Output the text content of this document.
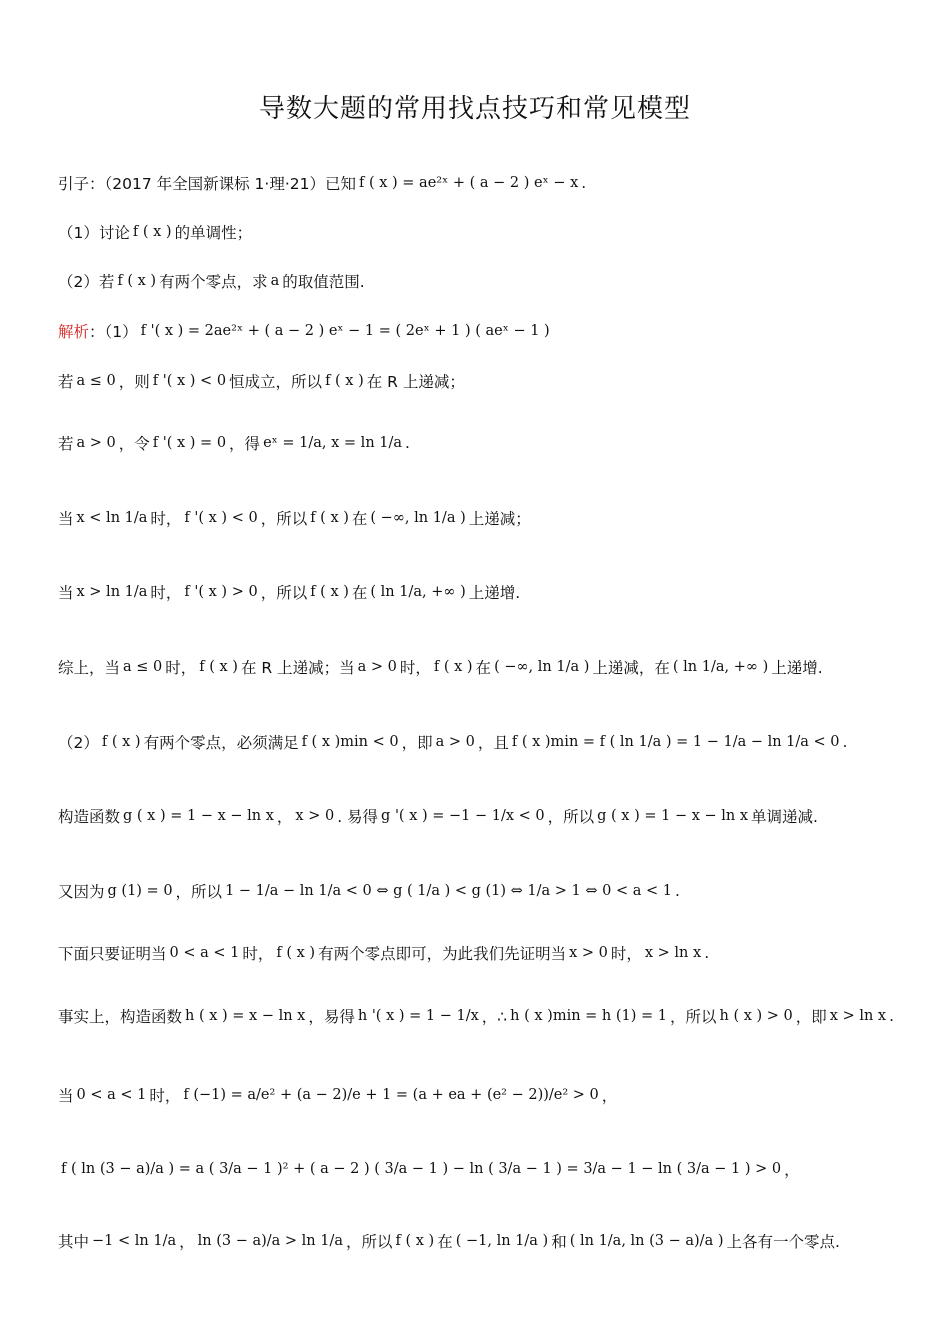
导数大题的常用找点技巧和常见模型
引子：（2017 年全国新课标 1·理·21）已知 f ( x ) = ae²ˣ + ( a − 2 ) eˣ − x .
（1）讨论 f ( x ) 的单调性；
（2）若 f ( x ) 有两个零点，求 a 的取值范围.
解析 ：（1） f '( x ) = 2ae²ˣ + ( a − 2 ) eˣ − 1 = ( 2eˣ + 1 ) ( aeˣ − 1 )
若 a ≤ 0 ，则 f '( x ) < 0 恒成立，所以 f ( x ) 在 R 上递减；
若 a > 0 ，令 f '( x ) = 0 ，得 eˣ = 1/a, x = ln 1/a .
当 x < ln 1/a 时， f '( x ) < 0 ，所以 f ( x ) 在 ( −∞, ln 1/a ) 上递减；
当 x > ln 1/a 时， f '( x ) > 0 ，所以 f ( x ) 在 ( ln 1/a, +∞ ) 上递增.
综上，当 a ≤ 0 时， f ( x ) 在 R 上递减；当 a > 0 时， f ( x ) 在 ( −∞, ln 1/a ) 上递减，在 ( ln 1/a, +∞ ) 上递增.
（2） f ( x ) 有两个零点，必须满足 f ( x )min < 0 ，即 a > 0 ，且 f ( x )min = f ( ln 1/a ) = 1 − 1/a − ln 1/a < 0 .
构造函数 g ( x ) = 1 − x − ln x ， x > 0 . 易得 g '( x ) = −1 − 1/x < 0 ，所以 g ( x ) = 1 − x − ln x 单调递减.
又因为 g (1) = 0 ，所以 1 − 1/a − ln 1/a < 0 ⇔ g ( 1/a ) < g (1) ⇔ 1/a > 1 ⇔ 0 < a < 1 .
下面只要证明当 0 < a < 1 时， f ( x ) 有两个零点即可，为此我们先证明当 x > 0 时， x > ln x .
事实上，构造函数 h ( x ) = x − ln x ，易得 h '( x ) = 1 − 1/x ，∴ h ( x )min = h (1) = 1 ，所以 h ( x ) > 0 ，即 x > ln x .
当 0 < a < 1 时， f (−1) = a/e² + (a − 2)/e + 1 = (a + ea + (e² − 2))/e² > 0 ，
f ( ln (3 − a)/a ) = a ( 3/a − 1 )² + ( a − 2 ) ( 3/a − 1 ) − ln ( 3/a − 1 ) = 3/a − 1 − ln ( 3/a − 1 ) > 0 ，
其中 −1 < ln 1/a ， ln (3 − a)/a > ln 1/a ，所以 f ( x ) 在 ( −1, ln 1/a ) 和 ( ln 1/a, ln (3 − a)/a ) 上各有一个零点.
